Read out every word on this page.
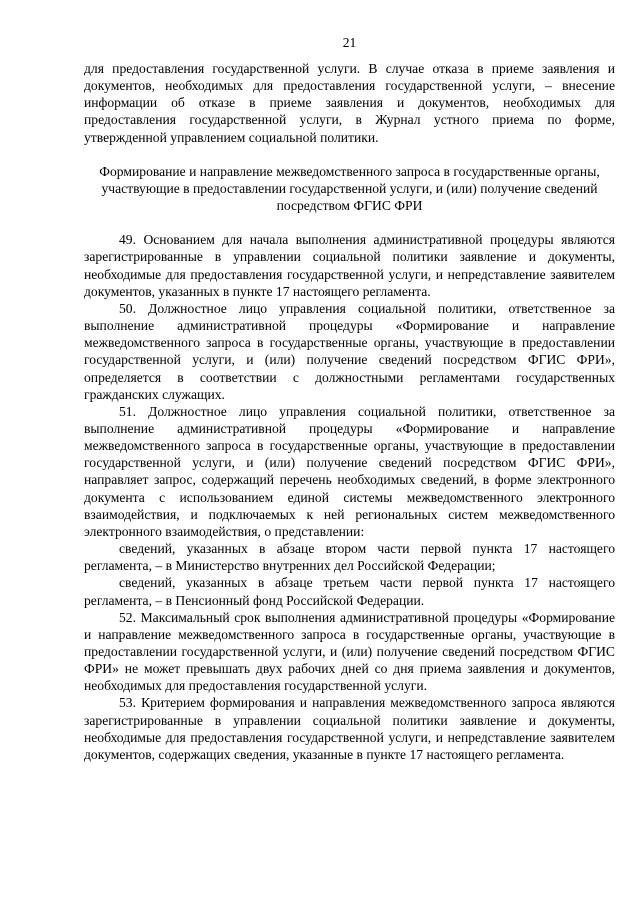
21

для предоставления государственной услуги. В случае отказа в приеме заявления и документов, необходимых для предоставления государственной услуги, – внесение информации об отказе в приеме заявления и документов, необходимых для предоставления государственной услуги, в Журнал устного приема по форме, утвержденной управлением социальной политики.

Формирование и направление межведомственного запроса в государственные органы, участвующие в предоставлении государственной услуги, и (или) получение сведений посредством ФГИС ФРИ

49. Основанием для начала выполнения административной процедуры являются зарегистрированные в управлении социальной политики заявление и документы, необходимые для предоставления государственной услуги, и непредставление заявителем документов, указанных в пункте 17 настоящего регламента.

50. Должностное лицо управления социальной политики, ответственное за выполнение административной процедуры «Формирование и направление межведомственного запроса в государственные органы, участвующие в предоставлении государственной услуги, и (или) получение сведений посредством ФГИС ФРИ», определяется в соответствии с должностными регламентами государственных гражданских служащих.

51. Должностное лицо управления социальной политики, ответственное за выполнение административной процедуры «Формирование и направление межведомственного запроса в государственные органы, участвующие в предоставлении государственной услуги, и (или) получение сведений посредством ФГИС ФРИ», направляет запрос, содержащий перечень необходимых сведений, в форме электронного документа с использованием единой системы межведомственного электронного взаимодействия, и подключаемых к ней региональных систем межведомственного электронного взаимодействия, о представлении:

сведений, указанных в абзаце втором части первой пункта 17 настоящего регламента, – в Министерство внутренних дел Российской Федерации;

сведений, указанных в абзаце третьем части первой пункта 17 настоящего регламента, – в Пенсионный фонд Российской Федерации.

52. Максимальный срок выполнения административной процедуры «Формирование и направление межведомственного запроса в государственные органы, участвующие в предоставлении государственной услуги, и (или) получение сведений посредством ФГИС ФРИ» не может превышать двух рабочих дней со дня приема заявления и документов, необходимых для предоставления государственной услуги.

53. Критерием формирования и направления межведомственного запроса являются зарегистрированные в управлении социальной политики заявление и документы, необходимые для предоставления государственной услуги, и непредставление заявителем документов, содержащих сведения, указанные в пункте 17 настоящего регламента.
